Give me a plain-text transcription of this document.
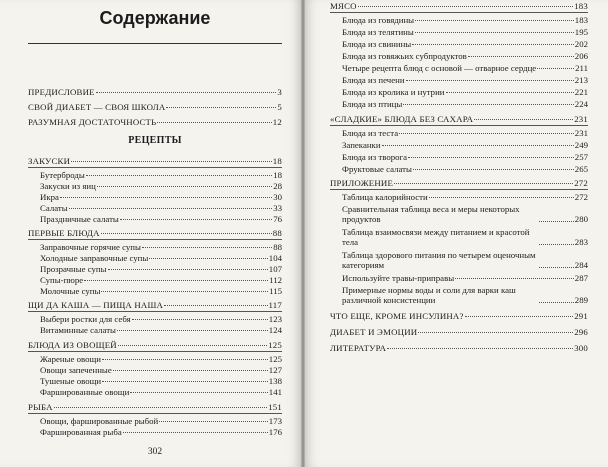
Содержание
ПРЕДИСЛОВИЕ	3
СВОЙ ДИАБЕТ — СВОЯ ШКОЛА	5
РАЗУМНАЯ ДОСТАТОЧНОСТЬ	12
РЕЦЕПТЫ
ЗАКУСКИ	18
Бутерброды	18
Закуски из яиц	28
Икра	30
Салаты	33
Праздничные салаты	76
ПЕРВЫЕ БЛЮДА	88
Заправочные горячие супы	88
Холодные заправочные супы	104
Прозрачные супы	107
Супы-пюре	112
Молочные супы	115
ЩИ ДА КАША — ПИЩА НАША	117
Выбери ростки для себя	123
Витаминные салаты	124
БЛЮДА ИЗ ОВОЩЕЙ	125
Жареные овощи	125
Овощи запеченные	127
Тушеные овощи	138
Фаршированные овощи	141
РЫБА	151
Овощи, фаршированные рыбой	173
Фаршированная рыба	176
302
МЯСО	183
Блюда из говядины	183
Блюда из телятины	195
Блюда из свинины	202
Блюда из говяжьих субпродуктов	206
Четыре рецепта блюд с основой — отварное сердце	211
Блюда из печени	213
Блюда из кролика и нутрии	221
Блюда из птицы	224
«СЛАДКИЕ» БЛЮДА БЕЗ САХАРА	231
Блюда из теста	231
Запеканки	249
Блюда из творога	257
Фруктовые салаты	265
ПРИЛОЖЕНИЕ	272
Таблица калорийности	272
Сравнительная таблица веса и меры некоторых продуктов	280
Таблица взаимосвязи между питанием и красотой тела	283
Таблица здорового питания по четырем оценочным категориям	284
Используйте травы-приправы	287
Примерные нормы воды и соли для варки каш различной консистенции	289
ЧТО ЕЩЕ, КРОМЕ ИНСУЛИНА?	291
ДИАБЕТ И ЭМОЦИИ	296
ЛИТЕРАТУРА	300
